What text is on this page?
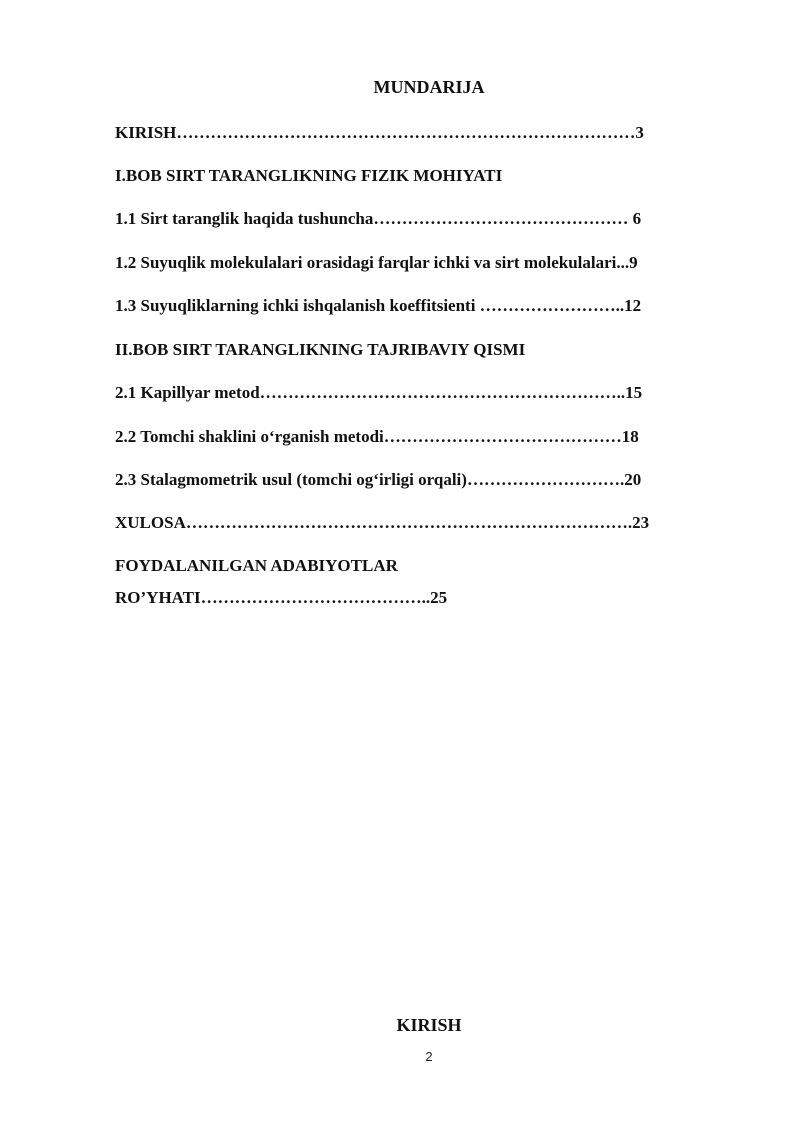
MUNDARIJA
KIRISH………………………………………………………………………3
I.BOB SIRT TARANGLIKNING FIZIK MOHIYATI
1.1 Sirt taranglik haqida tushuncha……………………………………… 6
1.2 Suyuqlik molekulalari orasidagi farqlar ichki va sirt molekulalari...9
1.3 Suyuqliklarning ichki ishqalanish koeffitsienti ……………………..12
II.BOB SIRT TARANGLIKNING TAJRIBAVIY QISMI
2.1 Kapillyar metod………………………………………………………..15
2.2 Tomchi shaklini oʻrganish metodi……………………………………18
2.3 Stalagmometrik usul (tomchi ogʻirligi orqali)……………………….20
XULOSA…………………………………………………………………….23
FOYDALANILGAN ADABIYOTLAR
RO’YHATI…………………………………..25
KIRISH
2
